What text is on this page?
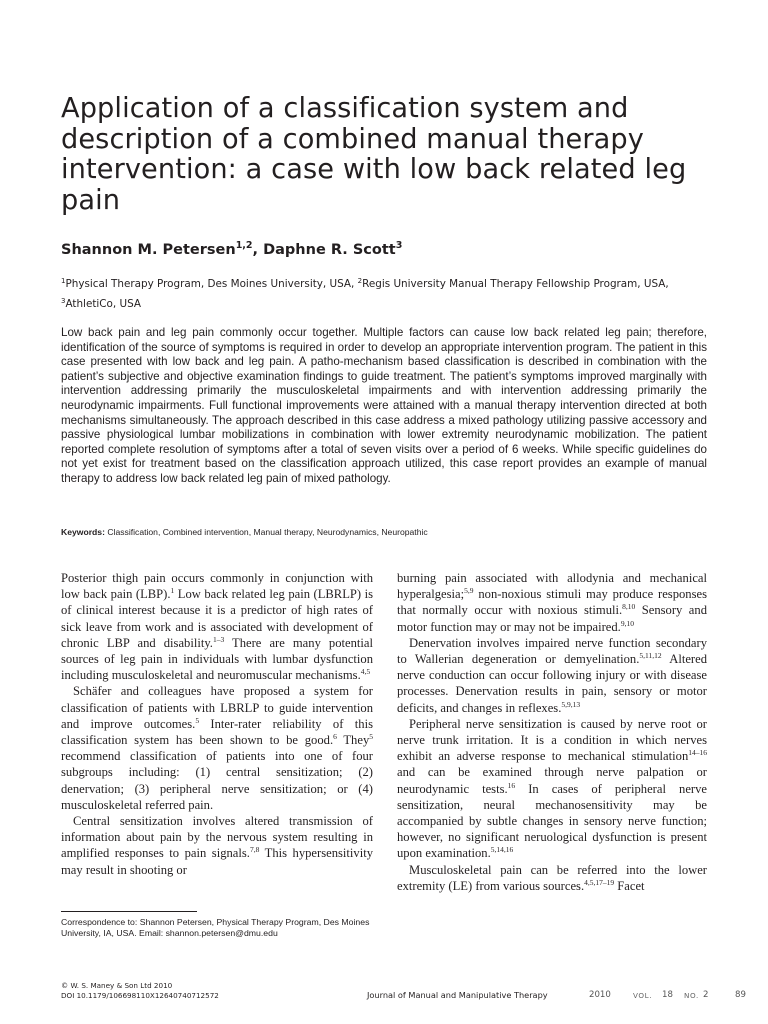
Application of a classification system and description of a combined manual therapy intervention: a case with low back related leg pain
Shannon M. Petersen$^{1,2}$, Daphne R. Scott$^3$
$^1$Physical Therapy Program, Des Moines University, USA, $^2$Regis University Manual Therapy Fellowship Program, USA, $^3$AthletiCo, USA
Low back pain and leg pain commonly occur together. Multiple factors can cause low back related leg pain; therefore, identification of the source of symptoms is required in order to develop an appropriate intervention program. The patient in this case presented with low back and leg pain. A patho-mechanism based classification is described in combination with the patient’s subjective and objective examination findings to guide treatment. The patient’s symptoms improved marginally with intervention addressing primarily the musculoskeletal impairments and with intervention addressing primarily the neurodynamic impairments. Full functional improvements were attained with a manual therapy intervention directed at both mechanisms simultaneously. The approach described in this case address a mixed pathology utilizing passive accessory and passive physiological lumbar mobilizations in combination with lower extremity neurodynamic mobilization. The patient reported complete resolution of symptoms after a total of seven visits over a period of 6 weeks. While specific guidelines do not yet exist for treatment based on the classification approach utilized, this case report provides an example of manual therapy to address low back related leg pain of mixed pathology.
Keywords: Classification, Combined intervention, Manual therapy, Neurodynamics, Neuropathic

Posterior thigh pain occurs commonly in conjunction with low back pain (LBP).$^1$ Low back related leg pain (LBRLP) is of clinical interest because it is a predictor of high rates of sick leave from work and is associated with development of chronic LBP and disability.$^{1-3}$ There are many potential sources of leg pain in individuals with lumbar dysfunction including musculoskeletal and neuromuscular mechanisms.$^{4,5}$

Schäfer and colleagues have proposed a system for classification of patients with LBRLP to guide intervention and improve outcomes.$^5$ Inter-rater reliability of this classification system has been shown to be good.$^6$ They$^5$ recommend classification of patients into one of four subgroups including: (1) central sensitization; (2) denervation; (3) peripheral nerve sensitization; or (4) musculoskeletal referred pain.

Central sensitization involves altered transmission of information about pain by the nervous system resulting in amplified responses to pain signals.$^{7,8}$ This hypersensitivity may result in shooting or

burning pain associated with allodynia and mechanical hyperalgesia;$^{5,9}$ non-noxious stimuli may produce responses that normally occur with noxious stimuli.$^{8,10}$ Sensory and motor function may or may not be impaired.$^{9,10}$

Denervation involves impaired nerve function secondary to Wallerian degeneration or demyelination.$^{5,11,12}$ Altered nerve conduction can occur following injury or with disease processes. Denervation results in pain, sensory or motor deficits, and changes in reflexes.$^{5,9,13}$

Peripheral nerve sensitization is caused by nerve root or nerve trunk irritation. It is a condition in which nerves exhibit an adverse response to mechanical stimulation$^{14-16}$ and can be examined through nerve palpation or neurodynamic tests.$^{16}$ In cases of peripheral nerve sensitization, neural mechanosensitivity may be accompanied by subtle changes in sensory nerve function; however, no significant neruological dysfunction is present upon examination.$^{5,14,16}$

Musculoskeletal pain can be referred into the lower extremity (LE) from various sources.$^{4,5,17-19}$ Facet

Correspondence to: Shannon Petersen, Physical Therapy Program, Des Moines University, IA, USA. Email: shannon.petersen@dmu.edu
© W. S. Maney & Son Ltd 2010
DOI 10.1179/106698110X12640740712572	Journal of Manual and Manipulative Therapy	2010	VOL. 18 NO. 2	89
